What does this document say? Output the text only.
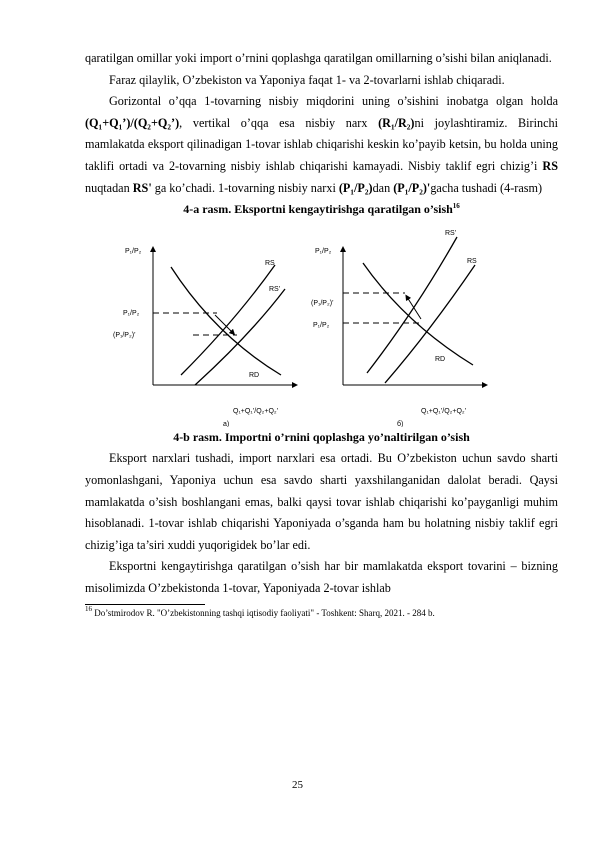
qaratilgan omillar yoki import o’rnini qoplashga qaratilgan omillarning o’sishi bilan aniqlanadi.

Faraz qilaylik, O’zbekiston va Yaponiya faqat 1- va 2-tovarlarni ishlab chiqaradi.

Gorizontal o’qqa 1-tovarning nisbiy miqdorini uning o’sishini inobatga olgan holda (Q₁+Q₁’)/(Q₂+Q₂’), vertikal o’qqa esa nisbiy narx (R₁/R₂)ni joylashtiramiz. Birinchi mamlakatda eksport qilinadigan 1-tovar ishlab chiqarishi keskin ko’payib ketsin, bu holda uning taklifi ortadi va 2-tovarning nisbiy ishlab chiqarishi kamayadi. Nisbiy taklif egri chizig’i RS nuqtadan RS' ga ko’chadi. 1-tovarning nisbiy narxi (P₁/P₂)dan (P₁/P₂)'gacha tushadi (4-rasm)

4-a rasm. Eksportni kengaytirishga qaratilgan o’sish$^{16}$

P₁/P₂
RS
RS’
RD
P₁/P₂
(P₁/P₂)’
Q₁+Q₁’/Q₂+Q₂’
a)
P₁/P₂
RS’
RS
RD
(P₁/P₂)’
P₁/P₂
Q₁+Q₁’/Q₂+Q₂’
б)

4-b rasm. Importni o’rnini qoplashga yo’naltirilgan o’sish

Eksport narxlari tushadi, import narxlari esa ortadi. Bu O’zbekiston uchun savdo sharti yomonlashgani, Yaponiya uchun esa savdo sharti yaxshilanganidan dalolat beradi. Qaysi mamlakatda o’sish boshlangani emas, balki qaysi tovar ishlab chiqarishi ko’payganligi muhim hisoblanadi. 1-tovar ishlab chiqarishi Yaponiyada o’sganda ham bu holatning nisbiy taklif egri chizig’iga ta’siri xuddi yuqorigidek bo’lar edi.

Eksportni kengaytirishga qaratilgan o’sish har bir mamlakatda eksport tovarini – bizning misolimizda O’zbekistonda 1-tovar, Yaponiyada 2-tovar ishlab

$^{16}$ Do’stmirodov R. "O’zbekistonning tashqi iqtisodiy faoliyati" - Toshkent: Sharq, 2021. - 284 b.
25
